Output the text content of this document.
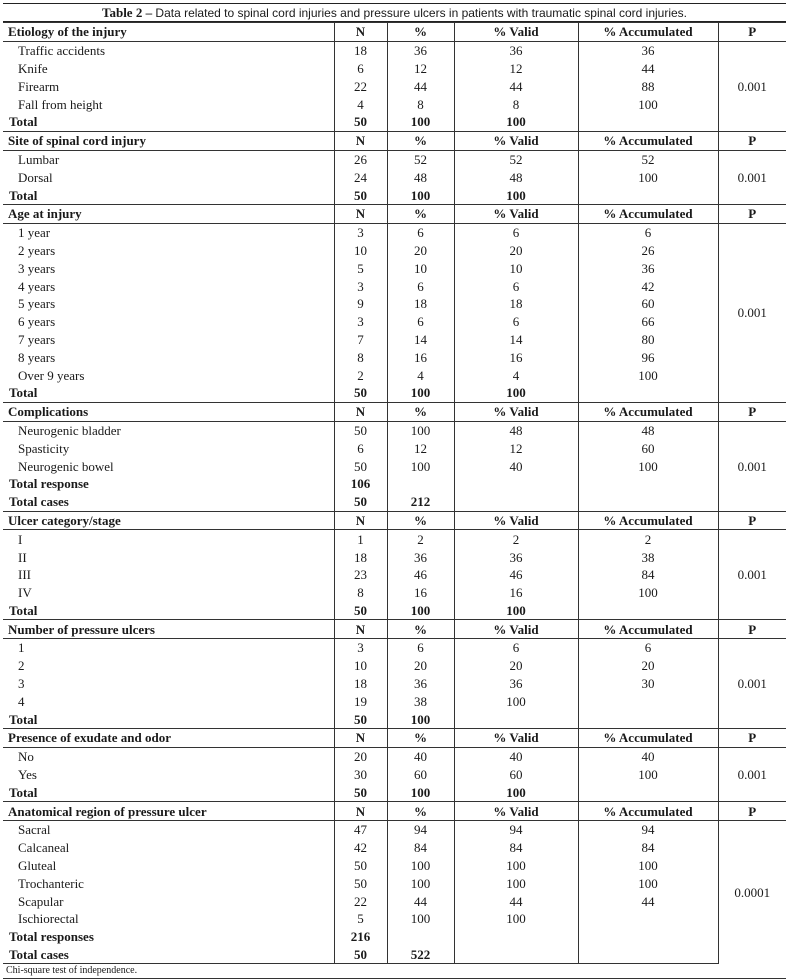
Table 2 – Data related to spinal cord injuries and pressure ulcers in patients with traumatic spinal cord injuries.
Etiology of the injury	N	%	% Valid	% Accumulated	P
Traffic accidents	18	36	36	36	0.001
Knife	6	12	12	44	
Firearm	22	44	44	88	
Fall from height	4	8	8	100	
Total	50	100	100		
Site of spinal cord injury	N	%	% Valid	% Accumulated	P
Lumbar	26	52	52	52	0.001
Dorsal	24	48	48	100	
Total	50	100	100		
Age at injury	N	%	% Valid	% Accumulated	P
1 year	3	6	6	6	0.001
2 years	10	20	20	26	
3 years	5	10	10	36	
4 years	3	6	6	42	
5 years	9	18	18	60	
6 years	3	6	6	66	
7 years	7	14	14	80	
8 years	8	16	16	96	
Over 9 years	2	4	4	100	
Total	50	100	100		
Complications	N	%	% Valid	% Accumulated	P
Neurogenic bladder	50	100	48	48	0.001
Spasticity	6	12	12	60	
Neurogenic bowel	50	100	40	100	
Total response	106				
Total cases	50	212			
Ulcer category/stage	N	%	% Valid	% Accumulated	P
I	1	2	2	2	0.001
II	18	36	36	38	
III	23	46	46	84	
IV	8	16	16	100	
Total	50	100	100		
Number of pressure ulcers	N	%	% Valid	% Accumulated	P
1	3	6	6	6	0.001
2	10	20	20	20	
3	18	36	36	30	
4	19	38	100		
Total	50	100			
Presence of exudate and odor	N	%	% Valid	% Accumulated	P
No	20	40	40	40	0.001
Yes	30	60	60	100	
Total	50	100	100		
Anatomical region of pressure ulcer	N	%	% Valid	% Accumulated	P
Sacral	47	94	94	94	0.0001
Calcaneal	42	84	84	84	
Gluteal	50	100	100	100	
Trochanteric	50	100	100	100	
Scapular	22	44	44	44	
Ischiorectal	5	100	100		
Total responses	216				
Total cases	50	522			
Chi-square test of independence.
